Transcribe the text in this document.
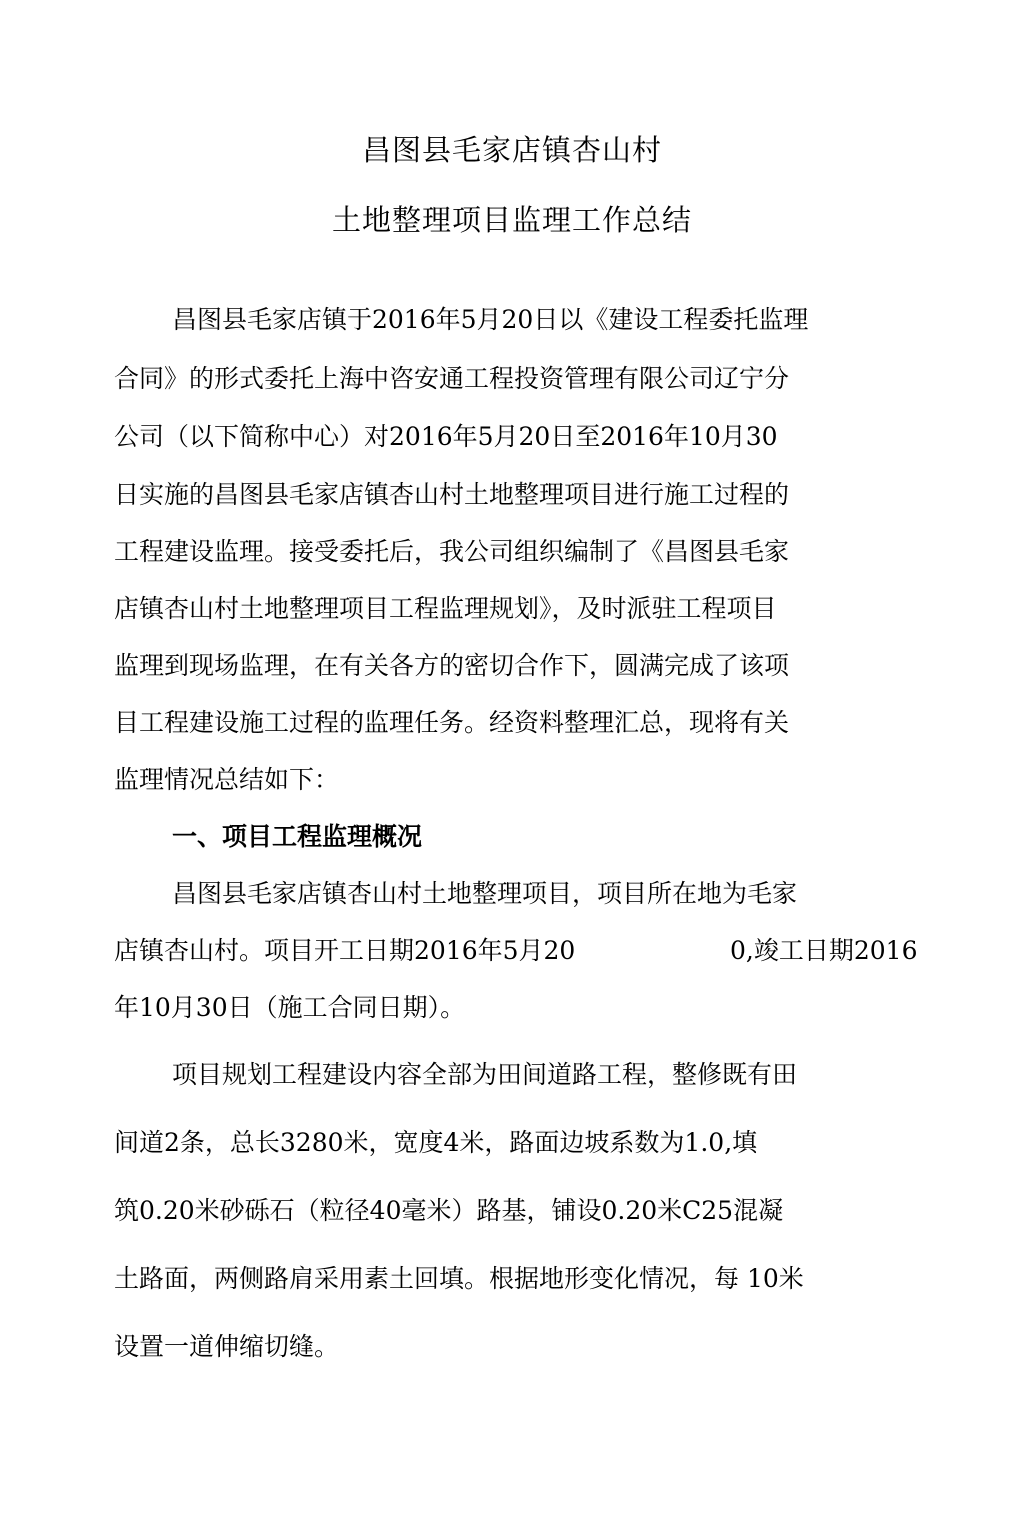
昌图县毛家店镇杏山村
土地整理项目监理工作总结
昌图县毛家店镇于2016年5月20日以《建设工程委托监理
合同》的形式委托上海中咨安通工程投资管理有限公司辽宁分
公司（以下简称中心）对2016年5月20日至2016年10月30
日实施的昌图县毛家店镇杏山村土地整理项目进行施工过程的
工程建设监理。接受委托后，我公司组织编制了《昌图县毛家
店镇杏山村土地整理项目工程监理规划》，及时派驻工程项目
监理到现场监理，在有关各方的密切合作下，圆满完成了该项
目工程建设施工过程的监理任务。经资料整理汇总，现将有关
监理情况总结如下：
一、项目工程监理概况
昌图县毛家店镇杏山村土地整理项目，项目所在地为毛家
店镇杏山村。项目开工日期2016年5月20	0,竣工日期2016
年10月30日（施工合同日期）。
项目规划工程建设内容全部为田间道路工程，整修既有田
间道2条，总长3280米，宽度4米，路面边坡系数为1.0,填
筑0.20米砂砾石（粒径40毫米）路基，铺设0.20米C25混凝
土路面，两侧路肩采用素土回填。根据地形变化情况，每 10米
设置一道伸缩切缝。
